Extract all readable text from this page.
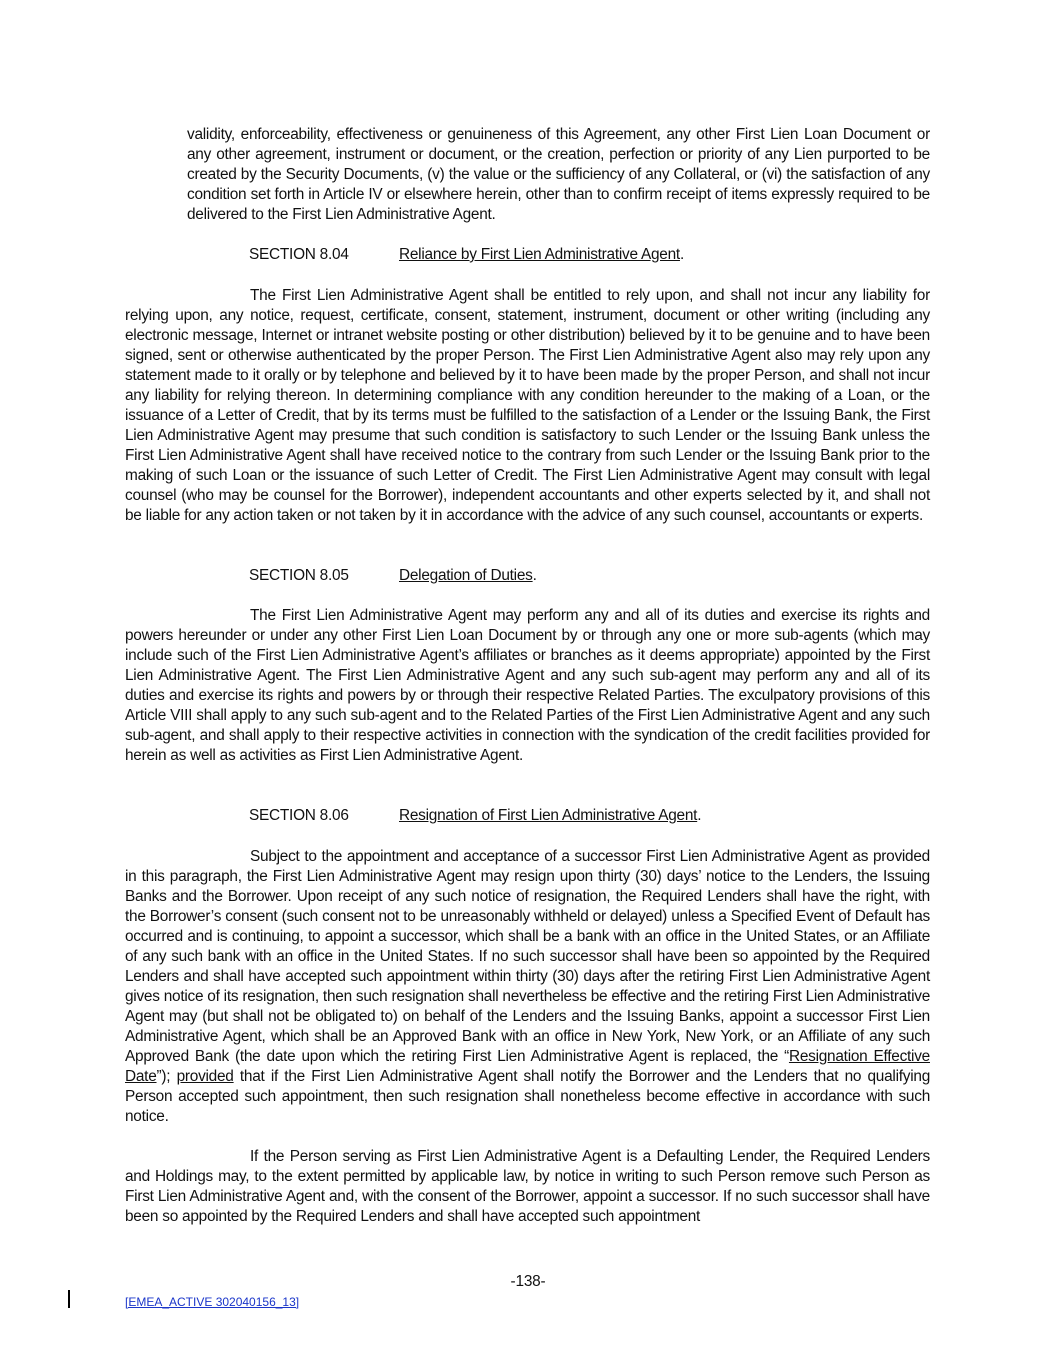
validity, enforceability, effectiveness or genuineness of this Agreement, any other First Lien Loan Document or any other agreement, instrument or document, or the creation, perfection or priority of any Lien purported to be created by the Security Documents, (v) the value or the sufficiency of any Collateral, or (vi) the satisfaction of any condition set forth in Article IV or elsewhere herein, other than to confirm receipt of items expressly required to be delivered to the First Lien Administrative Agent.

SECTION 8.04	Reliance by First Lien Administrative Agent.

The First Lien Administrative Agent shall be entitled to rely upon, and shall not incur any liability for relying upon, any notice, request, certificate, consent, statement, instrument, document or other writing (including any electronic message, Internet or intranet website posting or other distribution) believed by it to be genuine and to have been signed, sent or otherwise authenticated by the proper Person. The First Lien Administrative Agent also may rely upon any statement made to it orally or by telephone and believed by it to have been made by the proper Person, and shall not incur any liability for relying thereon. In determining compliance with any condition hereunder to the making of a Loan, or the issuance of a Letter of Credit, that by its terms must be fulfilled to the satisfaction of a Lender or the Issuing Bank, the First Lien Administrative Agent may presume that such condition is satisfactory to such Lender or the Issuing Bank unless the First Lien Administrative Agent shall have received notice to the contrary from such Lender or the Issuing Bank prior to the making of such Loan or the issuance of such Letter of Credit. The First Lien Administrative Agent may consult with legal counsel (who may be counsel for the Borrower), independent accountants and other experts selected by it, and shall not be liable for any action taken or not taken by it in accordance with the advice of any such counsel, accountants or experts.

SECTION 8.05	Delegation of Duties.

The First Lien Administrative Agent may perform any and all of its duties and exercise its rights and powers hereunder or under any other First Lien Loan Document by or through any one or more sub-agents (which may include such of the First Lien Administrative Agent’s affiliates or branches as it deems appropriate) appointed by the First Lien Administrative Agent. The First Lien Administrative Agent and any such sub-agent may perform any and all of its duties and exercise its rights and powers by or through their respective Related Parties. The exculpatory provisions of this Article VIII shall apply to any such sub-agent and to the Related Parties of the First Lien Administrative Agent and any such sub-agent, and shall apply to their respective activities in connection with the syndication of the credit facilities provided for herein as well as activities as First Lien Administrative Agent.

SECTION 8.06	Resignation of First Lien Administrative Agent.

Subject to the appointment and acceptance of a successor First Lien Administrative Agent as provided in this paragraph, the First Lien Administrative Agent may resign upon thirty (30) days’ notice to the Lenders, the Issuing Banks and the Borrower. Upon receipt of any such notice of resignation, the Required Lenders shall have the right, with the Borrower’s consent (such consent not to be unreasonably withheld or delayed) unless a Specified Event of Default has occurred and is continuing, to appoint a successor, which shall be a bank with an office in the United States, or an Affiliate of any such bank with an office in the United States. If no such successor shall have been so appointed by the Required Lenders and shall have accepted such appointment within thirty (30) days after the retiring First Lien Administrative Agent gives notice of its resignation, then such resignation shall nevertheless be effective and the retiring First Lien Administrative Agent may (but shall not be obligated to) on behalf of the Lenders and the Issuing Banks, appoint a successor First Lien Administrative Agent, which shall be an Approved Bank with an office in New York, New York, or an Affiliate of any such Approved Bank (the date upon which the retiring First Lien Administrative Agent is replaced, the “Resignation Effective Date”); provided that if the First Lien Administrative Agent shall notify the Borrower and the Lenders that no qualifying Person accepted such appointment, then such resignation shall nonetheless become effective in accordance with such notice.

If the Person serving as First Lien Administrative Agent is a Defaulting Lender, the Required Lenders and Holdings may, to the extent permitted by applicable law, by notice in writing to such Person remove such Person as First Lien Administrative Agent and, with the consent of the Borrower, appoint a successor. If no such successor shall have been so appointed by the Required Lenders and shall have accepted such appointment

-138-
[EMEA_ACTIVE 302040156_13]
